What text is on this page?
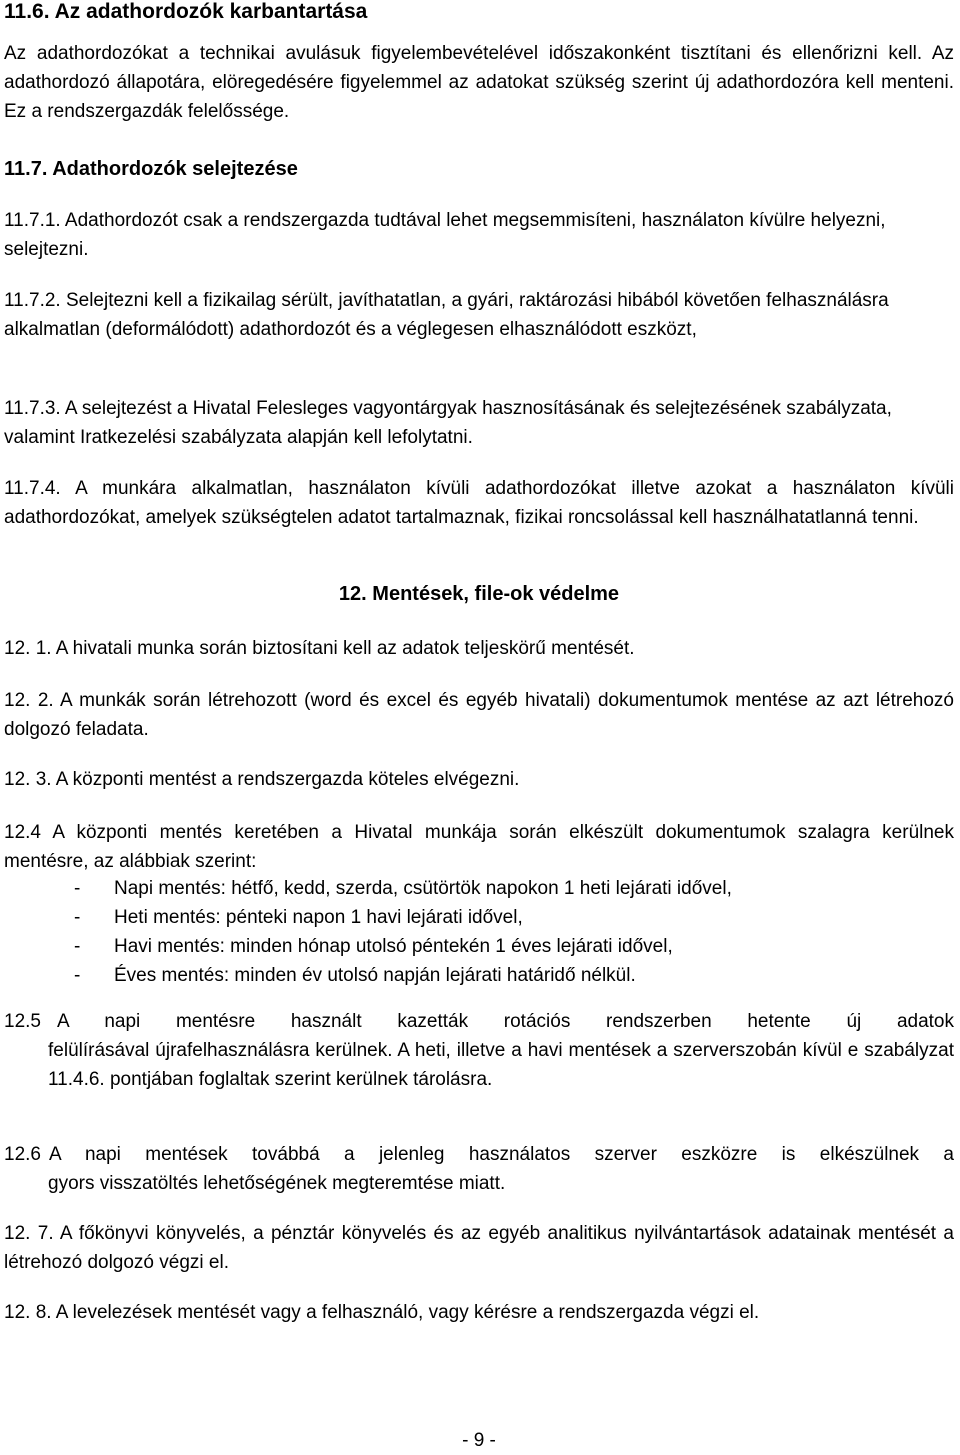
11.6. Az adathordozók karbantartása
Az adathordozókat a technikai avulásuk figyelembevételével időszakonként tisztítani és ellenőrizni kell. Az adathordozó állapotára, elöregedésére figyelemmel az adatokat szükség szerint új adathordozóra kell menteni. Ez a rendszergazdák felelőssége.
11.7. Adathordozók selejtezése
11.7.1. Adathordozót csak a rendszergazda tudtával lehet megsemmisíteni, használaton kívülre helyezni, selejtezni.
11.7.2. Selejtezni kell a fizikailag sérült, javíthatatlan, a gyári, raktározási hibából követően felhasználásra alkalmatlan (deformálódott) adathordozót és a véglegesen elhasználódott eszközt,
11.7.3. A selejtezést a Hivatal Felesleges vagyontárgyak hasznosításának és selejtezésének szabályzata, valamint Iratkezelési szabályzata alapján kell lefolytatni.
11.7.4. A munkára alkalmatlan, használaton kívüli adathordozókat illetve azokat a használaton kívüli adathordozókat, amelyek szükségtelen adatot tartalmaznak, fizikai roncsolással kell használhatatlanná tenni.
12. Mentések, file-ok védelme
12. 1. A hivatali munka során biztosítani kell az adatok teljeskörű mentését.
12. 2. A munkák során létrehozott (word és excel és egyéb hivatali) dokumentumok mentése az azt létrehozó dolgozó feladata.
12. 3. A központi mentést a rendszergazda köteles elvégezni.
12.4 A központi mentés keretében a Hivatal munkája során elkészült dokumentumok szalagra kerülnek mentésre, az alábbiak szerint:
- Napi mentés: hétfő, kedd, szerda, csütörtök napokon 1 heti lejárati idővel,
- Heti mentés: pénteki napon 1 havi lejárati idővel,
- Havi mentés: minden hónap utolsó péntekén 1 éves lejárati idővel,
- Éves mentés: minden év utolsó napján lejárati határidő nélkül.
12.5 A napi mentésre használt kazetták rotációs rendszerben hetente új adatok
felülírásával újrafelhasználásra kerülnek. A heti, illetve a havi mentések a szerverszobán kívül e szabályzat 11.4.6. pontjában foglaltak szerint kerülnek tárolásra.
12.6 A napi mentések továbbá a jelenleg használatos szerver eszközre is elkészülnek a
gyors visszatöltés lehetőségének megteremtése miatt.
12. 7. A főkönyvi könyvelés, a pénztár könyvelés és az egyéb analitikus nyilvántartások adatainak mentését a létrehozó dolgozó végzi el.
12. 8. A levelezések mentését vagy a felhasználó, vagy kérésre a rendszergazda végzi el.
- 9 -
